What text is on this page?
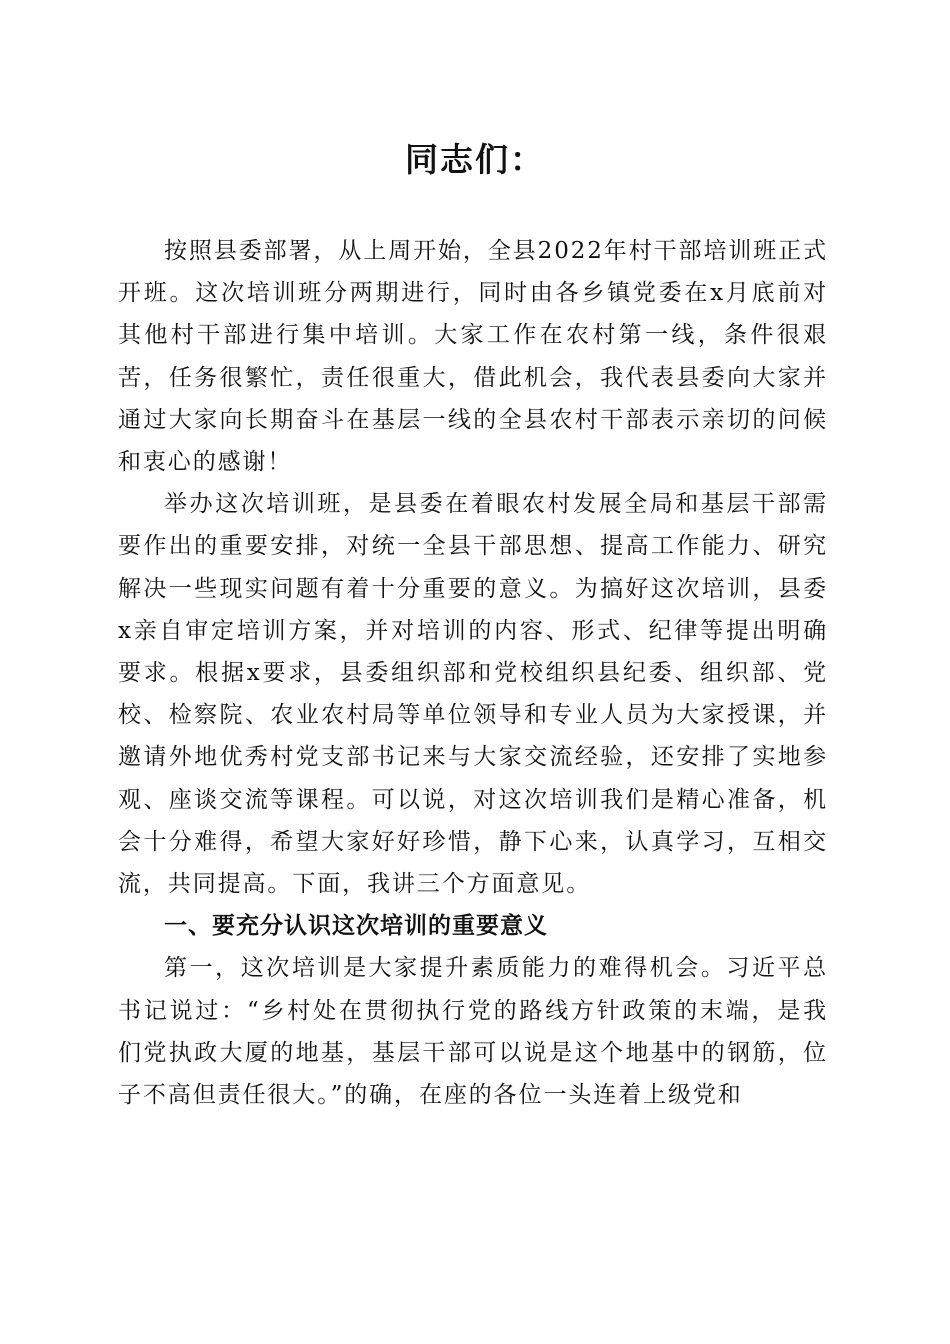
同志们：

按照县委部署，从上周开始，全县2022年村干部培训班正式开班。这次培训班分两期进行，同时由各乡镇党委在x月底前对其他村干部进行集中培训。大家工作在农村第一线，条件很艰苦，任务很繁忙，责任很重大，借此机会，我代表县委向大家并通过大家向长期奋斗在基层一线的全县农村干部表示亲切的问候和衷心的感谢！

举办这次培训班，是县委在着眼农村发展全局和基层干部需要作出的重要安排，对统一全县干部思想、提高工作能力、研究解决一些现实问题有着十分重要的意义。为搞好这次培训，县委x亲自审定培训方案，并对培训的内容、形式、纪律等提出明确要求。根据x要求，县委组织部和党校组织县纪委、组织部、党校、检察院、农业农村局等单位领导和专业人员为大家授课，并邀请外地优秀村党支部书记来与大家交流经验，还安排了实地参观、座谈交流等课程。可以说，对这次培训我们是精心准备，机会十分难得，希望大家好好珍惜，静下心来，认真学习，互相交流，共同提高。下面，我讲三个方面意见。

一、要充分认识这次培训的重要意义

第一，这次培训是大家提升素质能力的难得机会。习近平总书记说过：“乡村处在贯彻执行党的路线方针政策的末端，是我们党执政大厦的地基，基层干部可以说是这个地基中的钢筋，位子不高但责任很大。”的确，在座的各位一头连着上级党和
